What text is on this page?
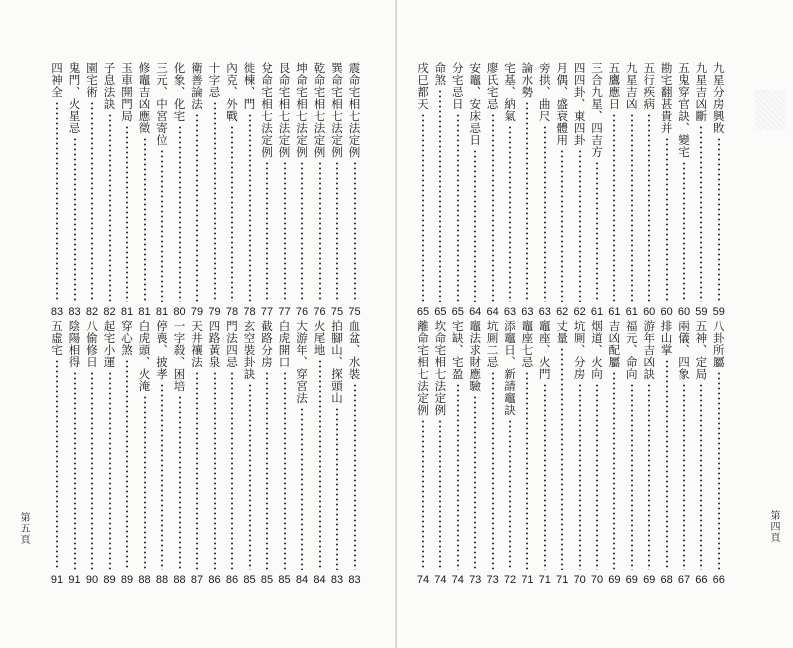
四神全
83
鬼門、火星忌
83
園宅術
82
子息法訣
82
玉車開門局
81
修竈吉凶應徵
81
三元、中宮寄位
81
化象、化宅
80
衛善論法
79
十字忌
79
內克、外戰
78
徙棟、門
78
兌命宅相七法定例
77
艮命宅相七法定例
77
坤命宅相七法定例
76
乾命宅相七法定例
76
巽命宅相七法定例
75
震命宅相七法定例
75
五虛宅
91
陰陽相得
91
八偷修日
90
起宅小運
89
穿心煞
89
白虎頭、火淹
88
停喪、披孝
88
一字殺、困培
88
天井禳法
87
四路黃泉
86
門法四忌
86
玄空裝卦訣
85
截路分房
85
白虎開口
85
大游年、穿宮法
84
火尾地
84
拍腳山、探頭山
83
血盆、水裝
83
第五頁
戌巳都天
65
命煞
65
分宅忌日
65
安竈、安床忌日
64
廖氏宅忌
64
宅基、納氣
63
論水勢
63
旁拱、曲尺
63
月偶、盛衰體用
62
四四卦、東四卦
62
三合九星、四吉方
61
五鷹應日
61
九星吉凶
61
五行疾病
60
勘宅翻甚貴并
60
五鬼穿官訣、變宅
60
九星吉凶斷
59
九星分房興敗
59
離命宅相七法定例
74
坎命宅相七法定例
74
宅缺、宅盈
74
竈法求財應驗
73
坑厠二忌
73
添竈日、新請竈訣
72
竈座七忌
71
竈座、火門
71
丈量
71
坑厠、分房
70
烟道、火向
70
吉凶配屬
69
福元、命向
69
游年吉凶訣
69
排山掌
68
兩儀、四象
67
五神、定局
66
八卦所屬
66
第四頁
